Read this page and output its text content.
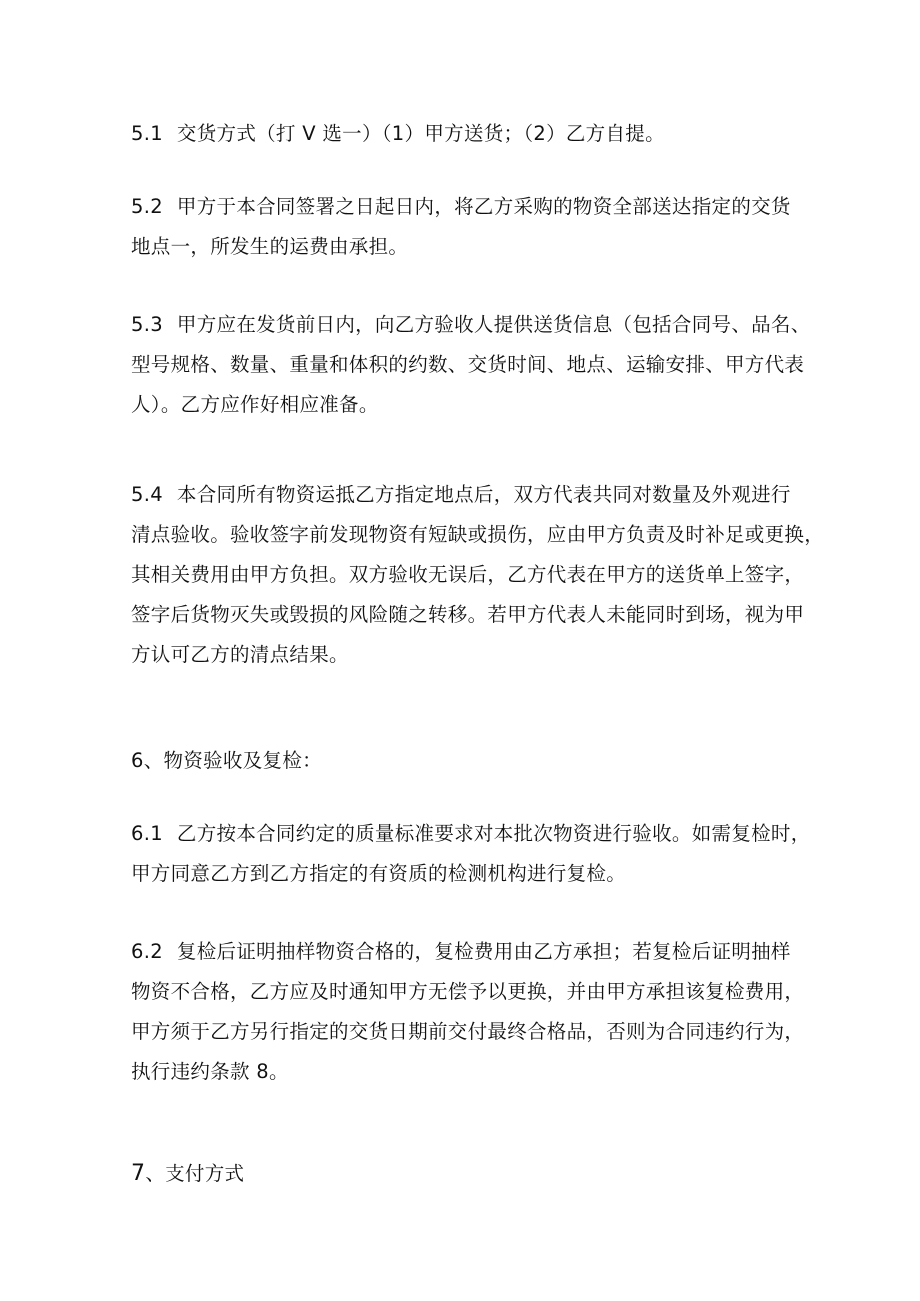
5.1 交货方式（打 V 选一）（1）甲方送货；（2）乙方自提。
5.2 甲方于本合同签署之日起日内，将乙方采购的物资全部送达指定的交货
地点一，所发生的运费由承担。
5.3 甲方应在发货前日内，向乙方验收人提供送货信息（包括合同号、品名、
型号规格、数量、重量和体积的约数、交货时间、地点、运输安排、甲方代表
人）。乙方应作好相应准备。
5.4 本合同所有物资运抵乙方指定地点后，双方代表共同对数量及外观进行
清点验收。验收签字前发现物资有短缺或损伤，应由甲方负责及时补足或更换，
其相关费用由甲方负担。双方验收无误后，乙方代表在甲方的送货单上签字，
签字后货物灭失或毁损的风险随之转移。若甲方代表人未能同时到场，视为甲
方认可乙方的清点结果。
6、物资验收及复检：
6.1 乙方按本合同约定的质量标准要求对本批次物资进行验收。如需复检时，
甲方同意乙方到乙方指定的有资质的检测机构进行复检。
6.2 复检后证明抽样物资合格的，复检费用由乙方承担；若复检后证明抽样
物资不合格，乙方应及时通知甲方无偿予以更换，并由甲方承担该复检费用，
甲方须于乙方另行指定的交货日期前交付最终合格品，否则为合同违约行为，
执行违约条款 8。
7、支付方式
